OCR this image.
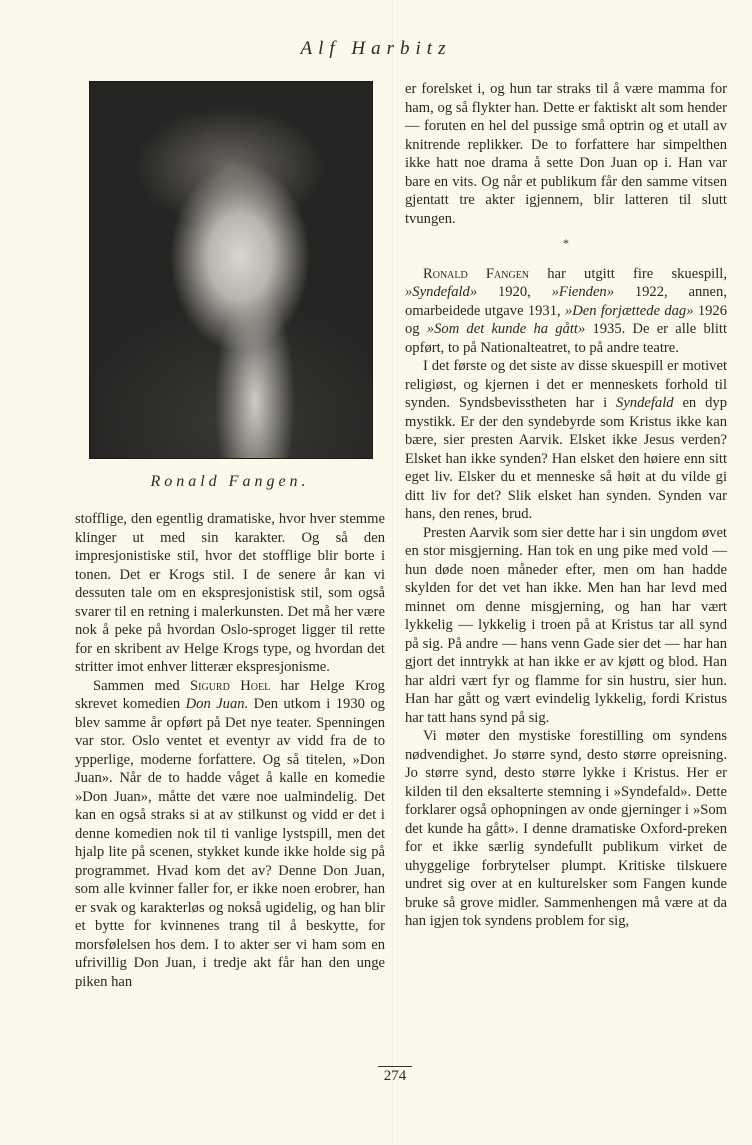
Alf Harbitz
Ronald Fangen.

stofflige, den egentlig dramatiske, hvor hver stemme klinger ut med sin karakter. Og så den impresjonistiske stil, hvor det stofflige blir borte i tonen. Det er Krogs stil. I de senere år kan vi dessuten tale om en ekspresjonistisk stil, som også svarer til en retning i malerkunsten. Det må her være nok å peke på hvordan Oslo-sproget ligger til rette for en skribent av Helge Krogs type, og hvordan det stritter imot enhver litterær ekspresjonisme.

Sammen med Sigurd Hoel har Helge Krog skrevet komedien Don Juan. Den utkom i 1930 og blev samme år opført på Det nye teater. Spenningen var stor. Oslo ventet et eventyr av vidd fra de to ypperlige, moderne forfattere. Og så titelen, »Don Juan». Når de to hadde våget å kalle en komedie »Don Juan», måtte det være noe ualmindelig. Det kan en også straks si at av stilkunst og vidd er det i denne komedien nok til ti vanlige lystspill, men det hjalp lite på scenen, stykket kunde ikke holde sig på programmet. Hvad kom det av? Denne Don Juan, som alle kvinner faller for, er ikke noen erobrer, han er svak og karakterløs og nokså ugidelig, og han blir et bytte for kvinnenes trang til å beskytte, for morsfølelsen hos dem. I to akter ser vi ham som en ufrivillig Don Juan, i tredje akt får han den unge piken han

er forelsket i, og hun tar straks til å være mamma for ham, og så flykter han. Dette er faktiskt alt som hender — foruten en hel del pussige små optrin og et utall av knitrende replikker. De to forfattere har simpelthen ikke hatt noe drama å sette Don Juan op i. Han var bare en vits. Og når et publikum får den samme vitsen gjentatt tre akter igjennem, blir latteren til slutt tvungen.

*

Ronald Fangen har utgitt fire skuespill, »Syndefald» 1920, »Fienden» 1922, annen, omarbeidede utgave 1931, »Den forjættede dag» 1926 og »Som det kunde ha gått» 1935. De er alle blitt opført, to på Nationalteatret, to på andre teatre.

I det første og det siste av disse skuespill er motivet religiøst, og kjernen i det er menneskets forhold til synden. Syndsbevisstheten har i Syndefald en dyp mystikk. Er der den syndebyrde som Kristus ikke kan bære, sier presten Aarvik. Elsket ikke Jesus verden? Elsket han ikke synden? Han elsket den høiere enn sitt eget liv. Elsker du et menneske så høit at du vilde gi ditt liv for det? Slik elsket han synden. Synden var hans, den renes, brud.

Presten Aarvik som sier dette har i sin ungdom øvet en stor misgjerning. Han tok en ung pike med vold — hun døde noen måneder efter, men om han hadde skylden for det vet han ikke. Men han har levd med minnet om denne misgjerning, og han har vært lykkelig — lykkelig i troen på at Kristus tar all synd på sig. På andre — hans venn Gade sier det — har han gjort det inntrykk at han ikke er av kjøtt og blod. Han har aldri vært fyr og flamme for sin hustru, sier hun. Han har gått og vært evindelig lykkelig, fordi Kristus har tatt hans synd på sig.

Vi møter den mystiske forestilling om syndens nødvendighet. Jo større synd, desto større opreisning. Jo større synd, desto større lykke i Kristus. Her er kilden til den eksalterte stemning i »Syndefald». Dette forklarer også ophopningen av onde gjerninger i »Som det kunde ha gått». I denne dramatiske Oxford-preken for et ikke særlig syndefullt publikum virket de uhyggelige forbrytelser plumpt. Kritiske tilskuere undret sig over at en kulturelsker som Fangen kunde bruke så grove midler. Sammenhengen må være at da han igjen tok syndens problem for sig,

274
